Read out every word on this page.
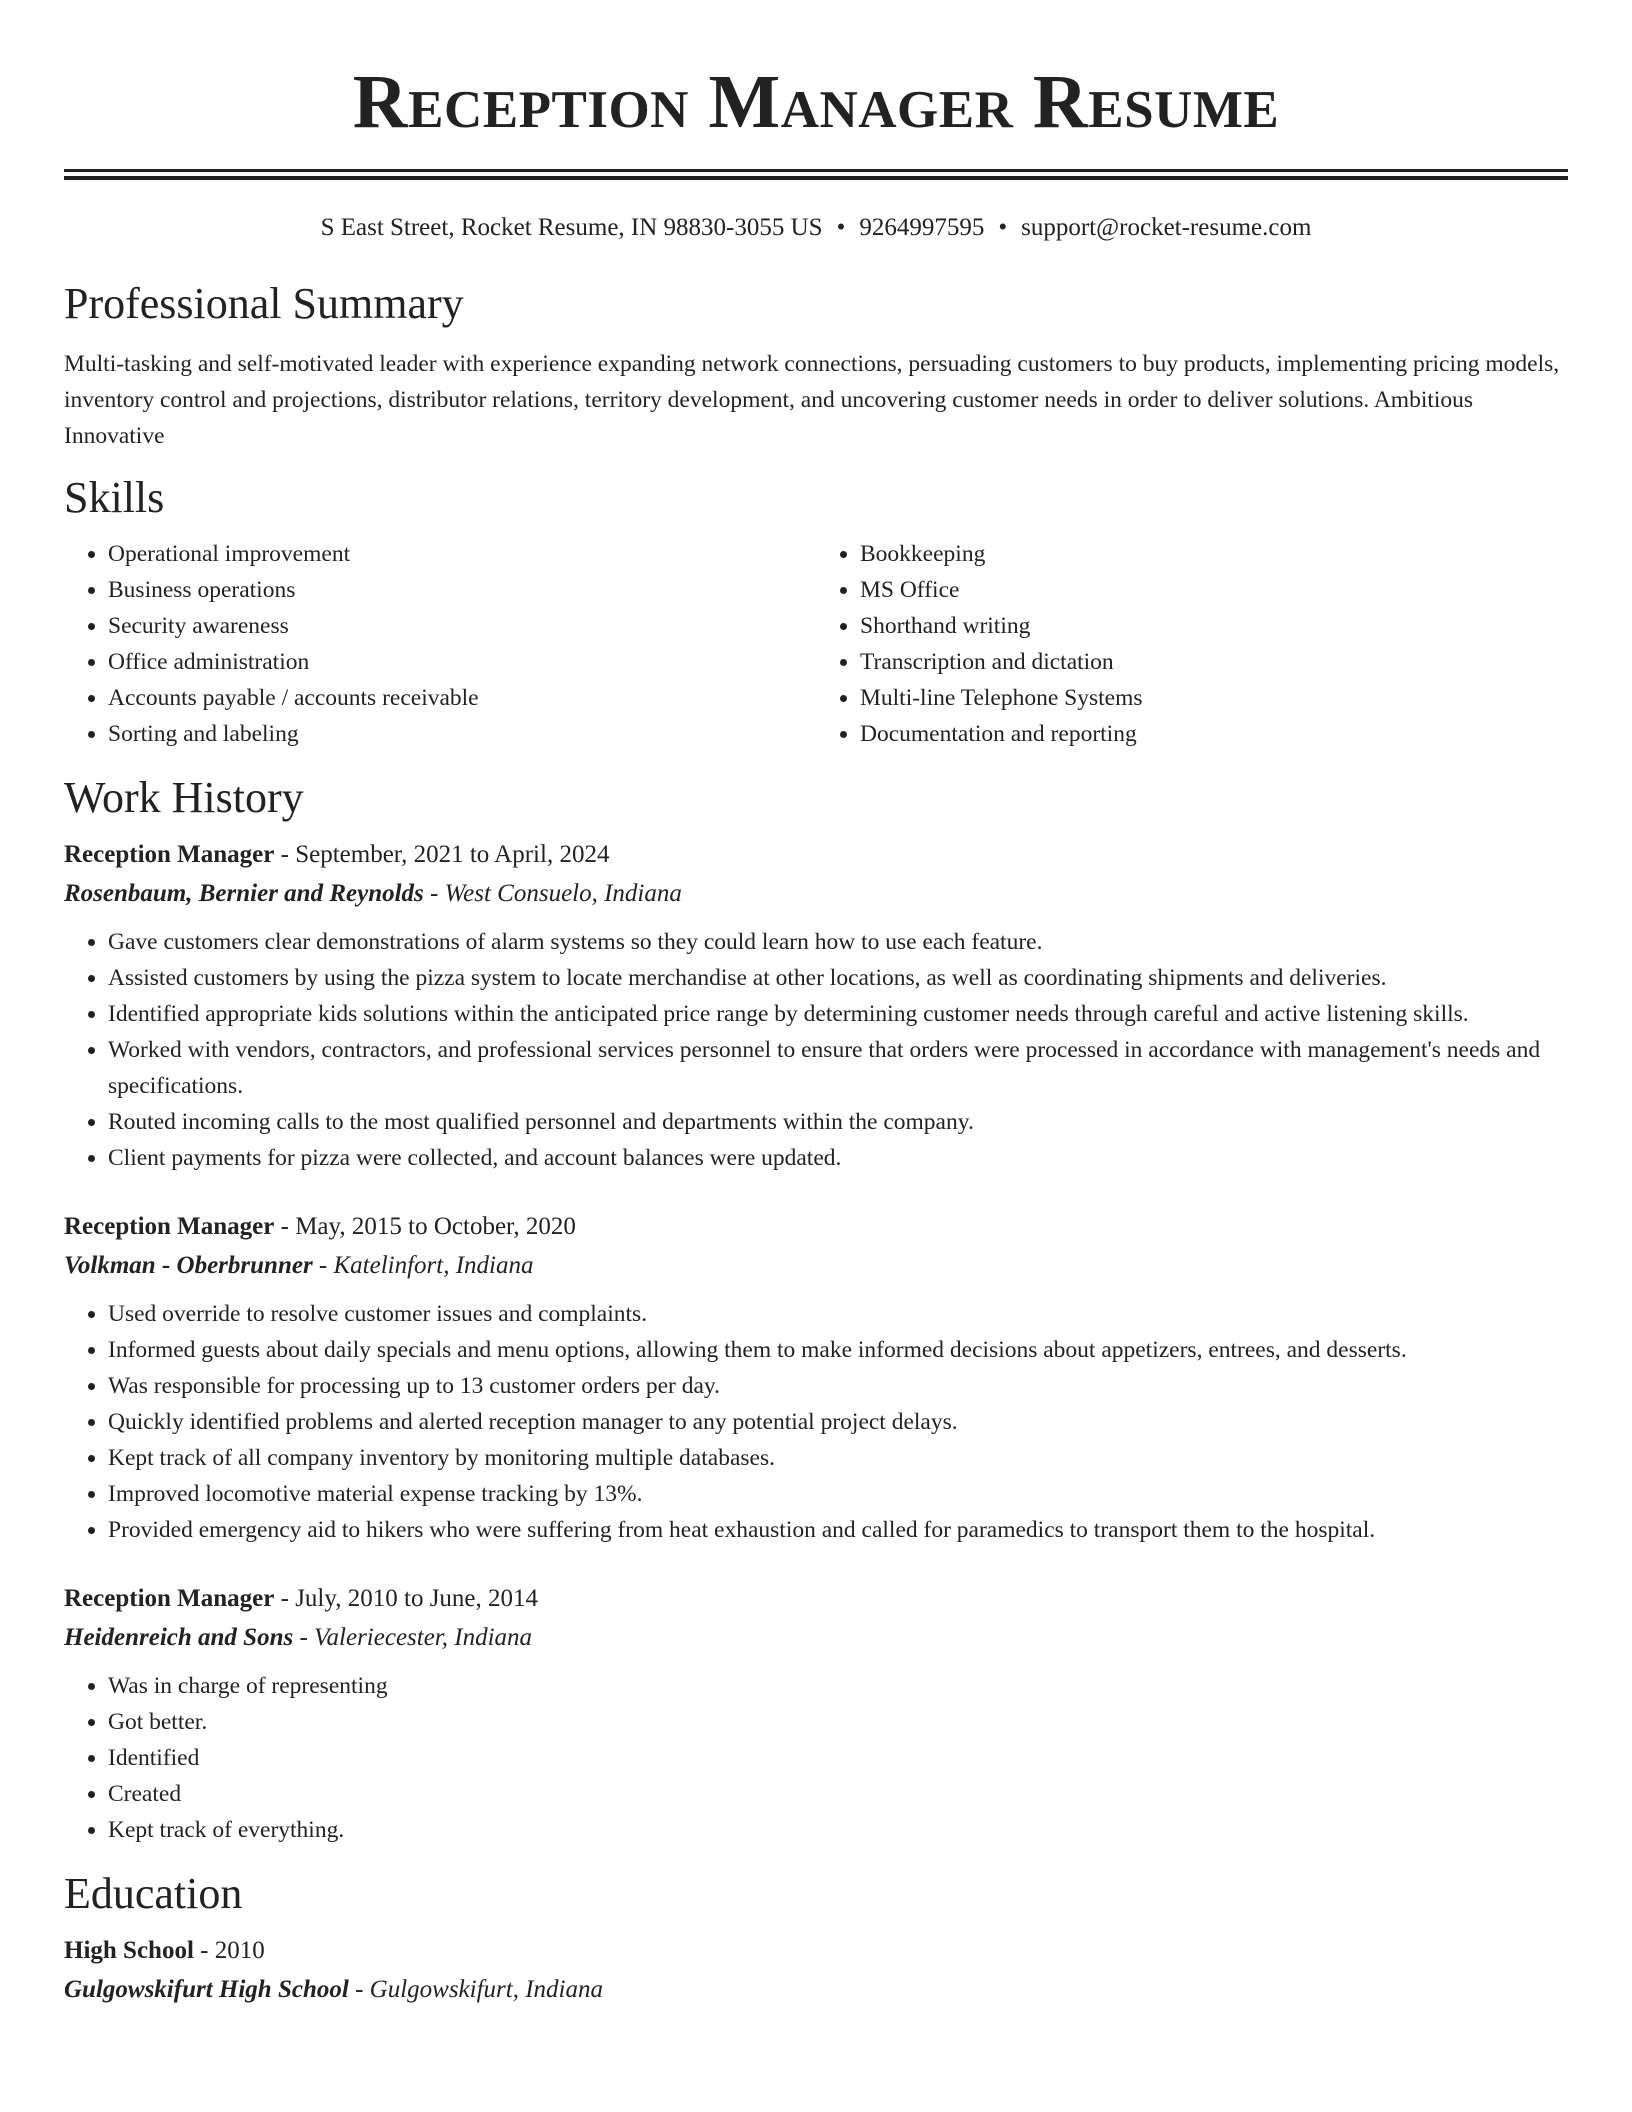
Reception Manager Resume
S East Street, Rocket Resume, IN 98830-3055 US • 9264997595 • support@rocket-resume.com
Professional Summary

Multi-tasking and self-motivated leader with experience expanding network connections, persuading customers to buy products, implementing pricing models, inventory control and projections, distributor relations, territory development, and uncovering customer needs in order to deliver solutions. Ambitious Innovative

Skills
• Operational improvement
• Business operations
• Security awareness
• Office administration
• Accounts payable / accounts receivable
• Sorting and labeling
• Bookkeeping
• MS Office
• Shorthand writing
• Transcription and dictation
• Multi-line Telephone Systems
• Documentation and reporting
Work History
Reception Manager - September, 2021 to April, 2024
Rosenbaum, Bernier and Reynolds - West Consuelo, Indiana
• Gave customers clear demonstrations of alarm systems so they could learn how to use each feature.
• Assisted customers by using the pizza system to locate merchandise at other locations, as well as coordinating shipments and deliveries.
• Identified appropriate kids solutions within the anticipated price range by determining customer needs through careful and active listening skills.
• Worked with vendors, contractors, and professional services personnel to ensure that orders were processed in accordance with management's needs and specifications.
• Routed incoming calls to the most qualified personnel and departments within the company.
• Client payments for pizza were collected, and account balances were updated.
Reception Manager - May, 2015 to October, 2020
Volkman - Oberbrunner - Katelinfort, Indiana
• Used override to resolve customer issues and complaints.
• Informed guests about daily specials and menu options, allowing them to make informed decisions about appetizers, entrees, and desserts.
• Was responsible for processing up to 13 customer orders per day.
• Quickly identified problems and alerted reception manager to any potential project delays.
• Kept track of all company inventory by monitoring multiple databases.
• Improved locomotive material expense tracking by 13%.
• Provided emergency aid to hikers who were suffering from heat exhaustion and called for paramedics to transport them to the hospital.
Reception Manager - July, 2010 to June, 2014
Heidenreich and Sons - Valeriecester, Indiana
• Was in charge of representing
• Got better.
• Identified
• Created
• Kept track of everything.
Education
High School - 2010
Gulgowskifurt High School - Gulgowskifurt, Indiana
